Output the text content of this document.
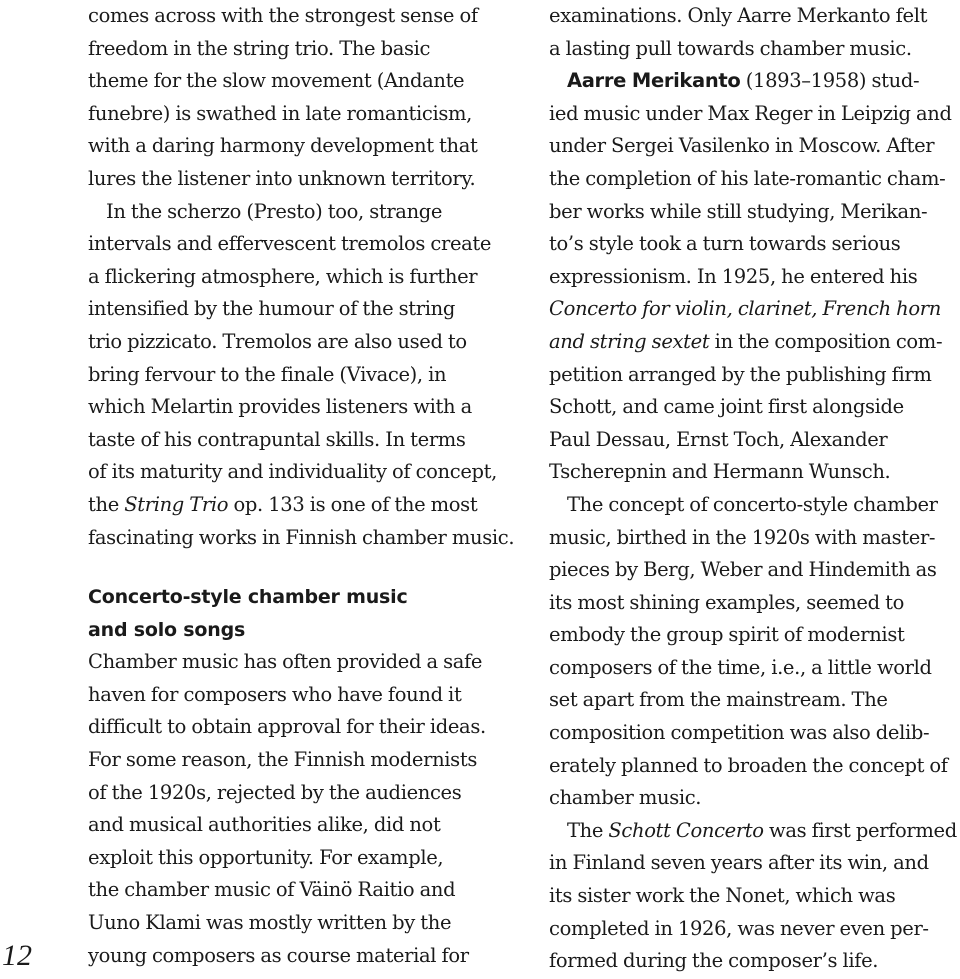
comes across with the strongest sense of
freedom in the string trio. The basic
theme for the slow movement (Andante
funebre) is swathed in late romanticism,
with a daring harmony development that
lures the listener into unknown territory.

In the scherzo (Presto) too, strange
intervals and effervescent tremolos create
a flickering atmosphere, which is further
intensified by the humour of the string
trio pizzicato. Tremolos are also used to
bring fervour to the finale (Vivace), in
which Melartin provides listeners with a
taste of his contrapuntal skills. In terms
of its maturity and individuality of concept,
the String Trio op. 133 is one of the most
fascinating works in Finnish chamber music.

Concerto-style chamber music
and solo songs

Chamber music has often provided a safe
haven for composers who have found it
difficult to obtain approval for their ideas.
For some reason, the Finnish modernists
of the 1920s, rejected by the audiences
and musical authorities alike, did not
exploit this opportunity. For example,
the chamber music of Väinö Raitio and
Uuno Klami was mostly written by the
young composers as course material for

examinations. Only Aarre Merkanto felt
a lasting pull towards chamber music.

Aarre Merikanto (1893–1958) stud-
ied music under Max Reger in Leipzig and
under Sergei Vasilenko in Moscow. After
the completion of his late-romantic cham-
ber works while still studying, Merikan-
to’s style took a turn towards serious
expressionism. In 1925, he entered his
Concerto for violin, clarinet, French horn
and string sextet in the composition com-
petition arranged by the publishing firm
Schott, and came joint first alongside
Paul Dessau, Ernst Toch, Alexander
Tscherepnin and Hermann Wunsch.

The concept of concerto-style chamber
music, birthed in the 1920s with master-
pieces by Berg, Weber and Hindemith as
its most shining examples, seemed to
embody the group spirit of modernist
composers of the time, i.e., a little world
set apart from the mainstream. The
composition competition was also delib-
erately planned to broaden the concept of
chamber music.

The Schott Concerto was first performed
in Finland seven years after its win, and
its sister work the Nonet, which was
completed in 1926, was never even per-
formed during the composer’s life.

12
